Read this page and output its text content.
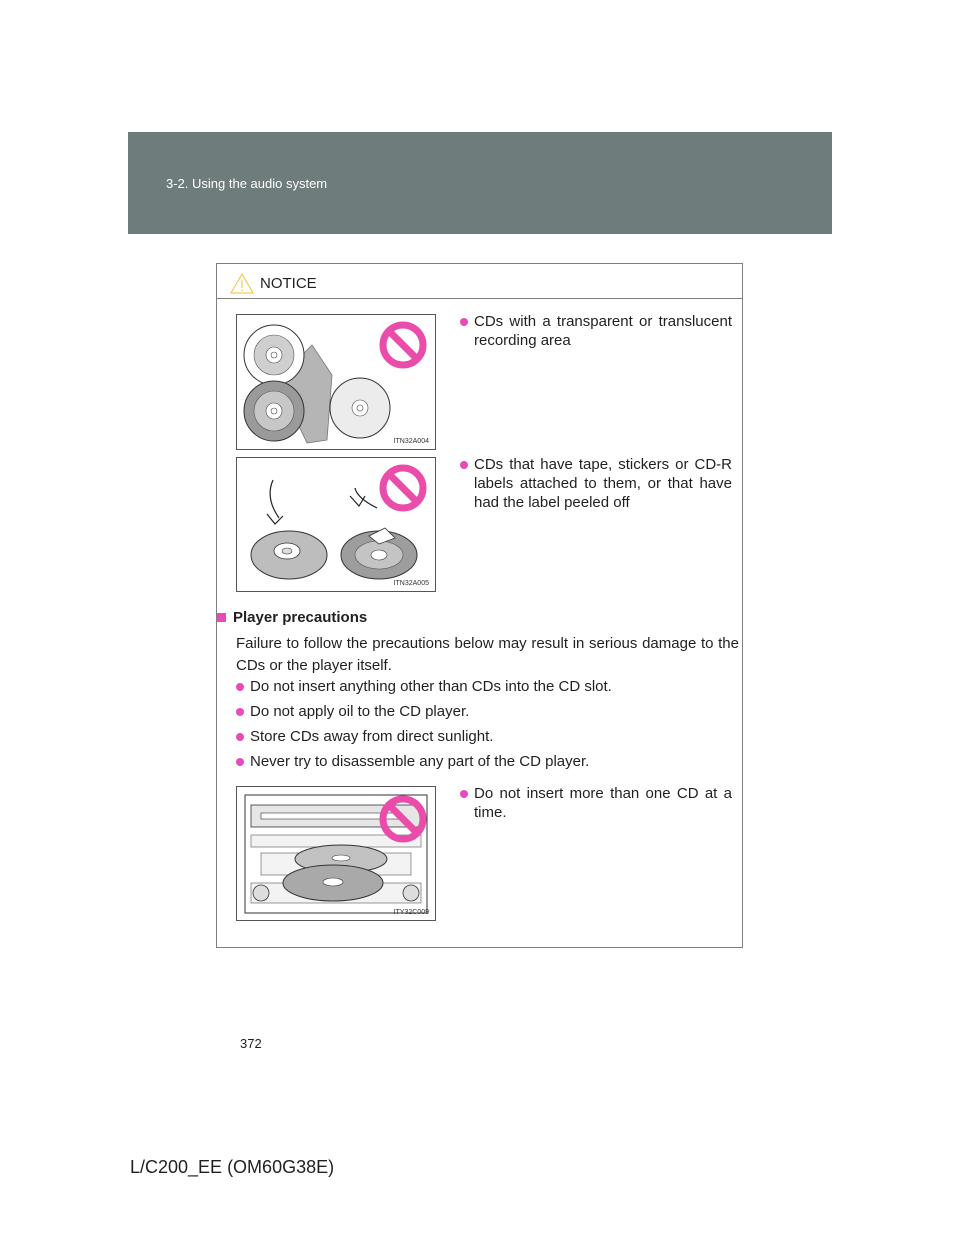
3-2. Using the audio system
NOTICE
ITN32A004
CDs with a transparent or translucent recording area
ITN32A005
CDs that have tape, stickers or CD-R labels attached to them, or that have had the label peeled off
Player precautions
Failure to follow the precautions below may result in serious damage to the CDs or the player itself.
Do not insert anything other than CDs into the CD slot.
Do not apply oil to the CD player.
Store CDs away from direct sunlight.
Never try to disassemble any part of the CD player.
ITY32C009
Do not insert more than one CD at a time.
372
L/C200_EE (OM60G38E)
